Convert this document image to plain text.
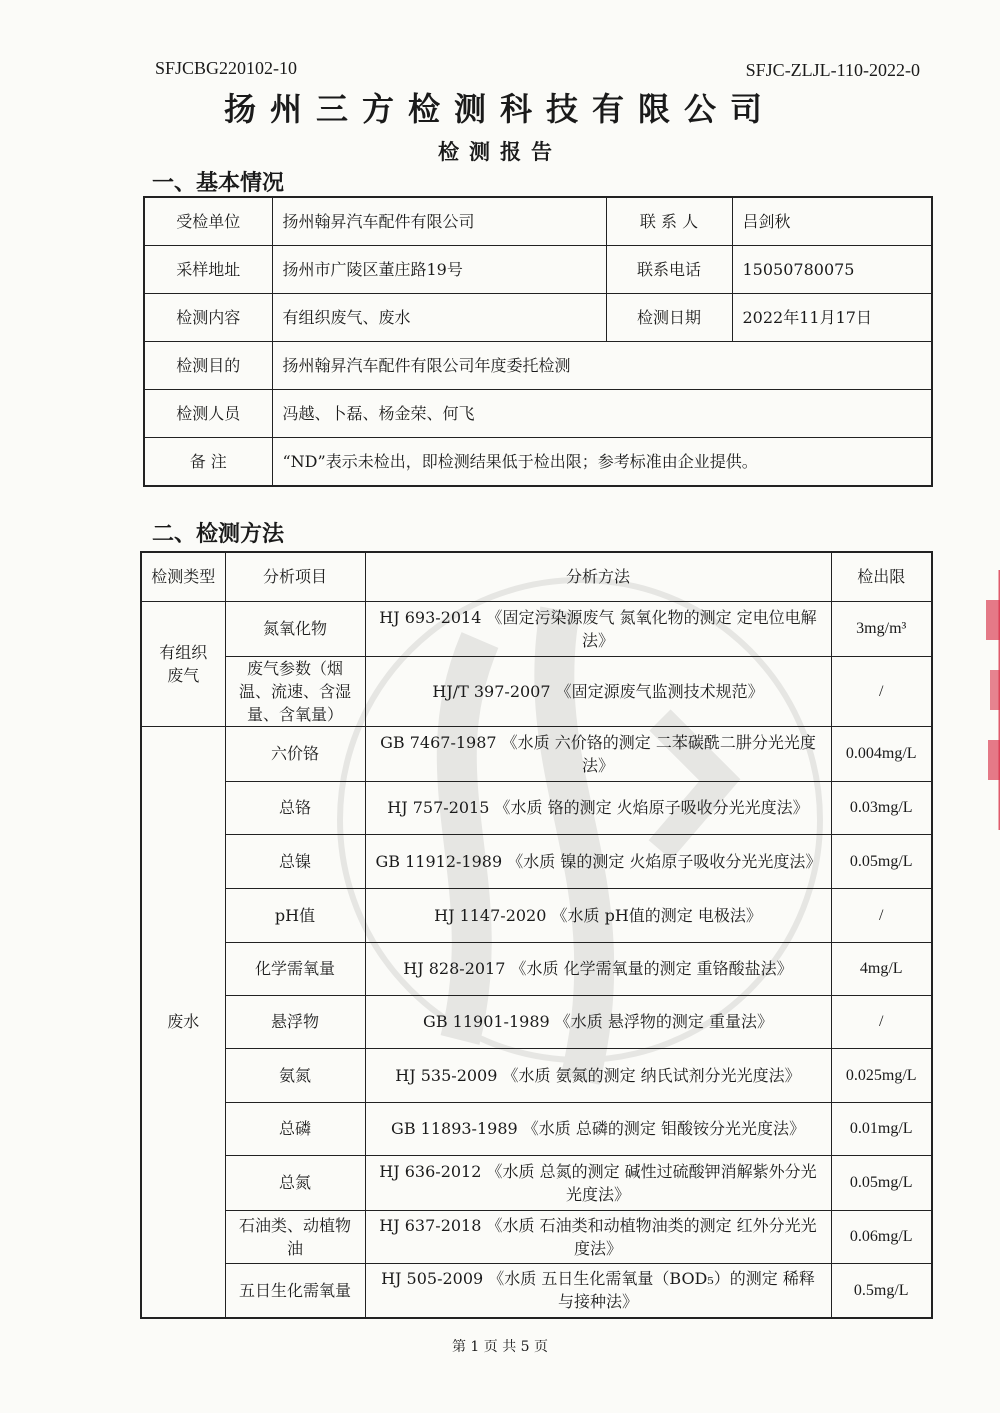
SFJCBG220102-10	SFJC-ZLJL-110-2022-0
扬州三方检测科技有限公司
检测报告
一、基本情况
受检单位	扬州翰昇汽车配件有限公司	联 系 人	吕剑秋
采样地址	扬州市广陵区董庄路19号	联系电话	15050780075
检测内容	有组织废气、废水	检测日期	2022年11月17日
检测目的	扬州翰昇汽车配件有限公司年度委托检测		
检测人员	冯越、卜磊、杨金荣、何飞		
备 注	“ND”表示未检出，即检测结果低于检出限；参考标准由企业提供。		
二、检测方法
检测类型	分析项目	分析方法	检出限
有组织废气	氮氧化物	HJ 693-2014 《固定污染源废气 氮氧化物的测定 定电位电解法》	3mg/m³
	废气参数（烟温、流速、含湿量、含氧量）	HJ/T 397-2007 《固定源废气监测技术规范》	/
废水	六价铬	GB 7467-1987 《水质 六价铬的测定 二苯碳酰二肼分光光度法》	0.004mg/L
	总铬	HJ 757-2015 《水质 铬的测定 火焰原子吸收分光光度法》	0.03mg/L
	总镍	GB 11912-1989 《水质 镍的测定 火焰原子吸收分光光度法》	0.05mg/L
	pH值	HJ 1147-2020 《水质 pH值的测定 电极法》	/
	化学需氧量	HJ 828-2017 《水质 化学需氧量的测定 重铬酸盐法》	4mg/L
	悬浮物	GB 11901-1989 《水质 悬浮物的测定 重量法》	/
	氨氮	HJ 535-2009 《水质 氨氮的测定 纳氏试剂分光光度法》	0.025mg/L
	总磷	GB 11893-1989 《水质 总磷的测定 钼酸铵分光光度法》	0.01mg/L
	总氮	HJ 636-2012 《水质 总氮的测定 碱性过硫酸钾消解紫外分光光度法》	0.05mg/L
	石油类、动植物油	HJ 637-2018 《水质 石油类和动植物油类的测定 红外分光光度法》	0.06mg/L
	五日生化需氧量	HJ 505-2009 《水质 五日生化需氧量（BOD₅）的测定 稀释与接种法》	0.5mg/L
第 1 页 共 5 页
